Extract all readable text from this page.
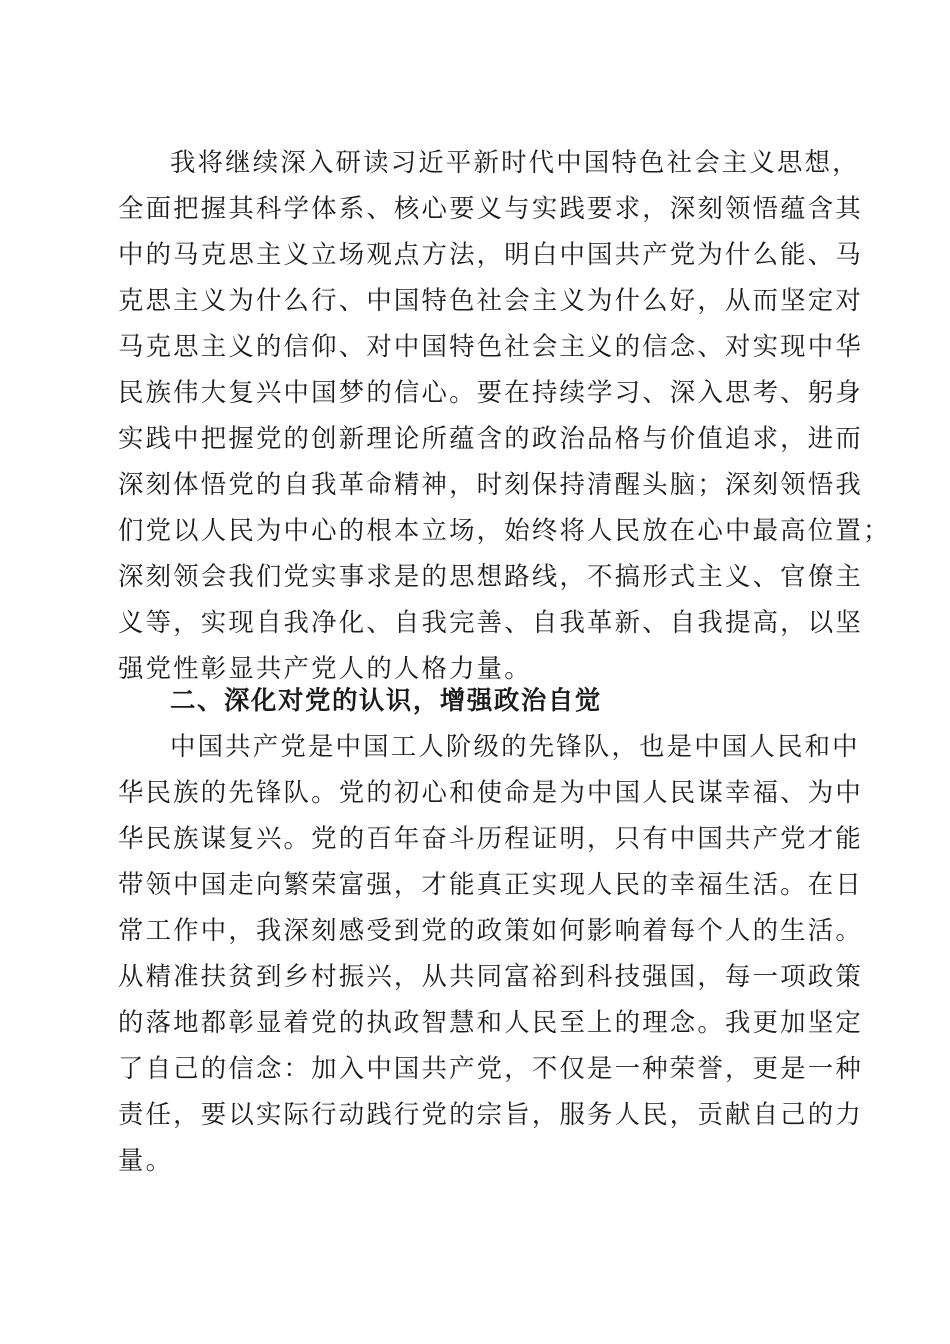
我将继续深入研读习近平新时代中国特色社会主义思想，
全面把握其科学体系、核心要义与实践要求，深刻领悟蕴含其
中的马克思主义立场观点方法，明白中国共产党为什么能、马
克思主义为什么行、中国特色社会主义为什么好，从而坚定对
马克思主义的信仰、对中国特色社会主义的信念、对实现中华
民族伟大复兴中国梦的信心。要在持续学习、深入思考、躬身
实践中把握党的创新理论所蕴含的政治品格与价值追求，进而
深刻体悟党的自我革命精神，时刻保持清醒头脑；深刻领悟我
们党以人民为中心的根本立场，始终将人民放在心中最高位置；
深刻领会我们党实事求是的思想路线，不搞形式主义、官僚主
义等，实现自我净化、自我完善、自我革新、自我提高，以坚
强党性彰显共产党人的人格力量。
二、深化对党的认识，增强政治自觉
中国共产党是中国工人阶级的先锋队，也是中国人民和中
华民族的先锋队。党的初心和使命是为中国人民谋幸福、为中
华民族谋复兴。党的百年奋斗历程证明，只有中国共产党才能
带领中国走向繁荣富强，才能真正实现人民的幸福生活。在日
常工作中，我深刻感受到党的政策如何影响着每个人的生活。
从精准扶贫到乡村振兴，从共同富裕到科技强国，每一项政策
的落地都彰显着党的执政智慧和人民至上的理念。我更加坚定
了自己的信念：加入中国共产党，不仅是一种荣誉，更是一种
责任，要以实际行动践行党的宗旨，服务人民，贡献自己的力
量。
